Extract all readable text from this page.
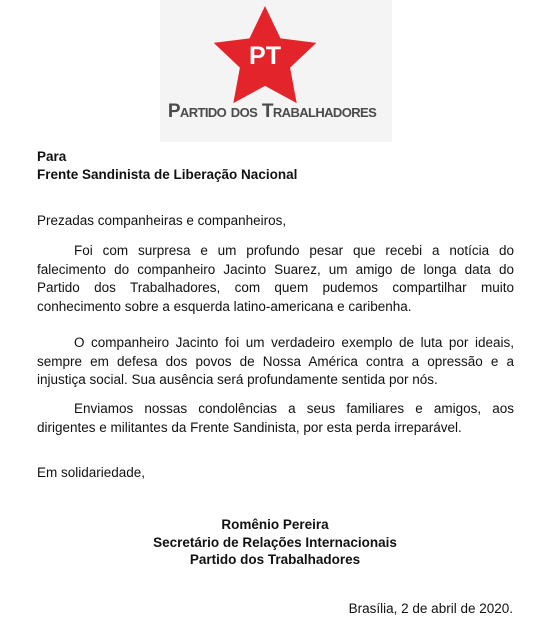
PT
Partido dos Trabalhadores
Para
Frente Sandinista de Liberação Nacional

Prezadas companheiras e companheiros,

Foi com surpresa e um profundo pesar que recebi a notícia do falecimento do companheiro Jacinto Suarez, um amigo de longa data do Partido dos Trabalhadores, com quem pudemos compartilhar muito conhecimento sobre a esquerda latino-americana e caribenha.

O companheiro Jacinto foi um verdadeiro exemplo de luta por ideais, sempre em defesa dos povos de Nossa América contra a opressão e a injustiça social. Sua ausência será profundamente sentida por nós.

Enviamos nossas condolências a seus familiares e amigos, aos dirigentes e militantes da Frente Sandinista, por esta perda irreparável.

Em solidariedade,

Romênio Pereira
Secretário de Relações Internacionais
Partido dos Trabalhadores
Brasília, 2 de abril de 2020.
